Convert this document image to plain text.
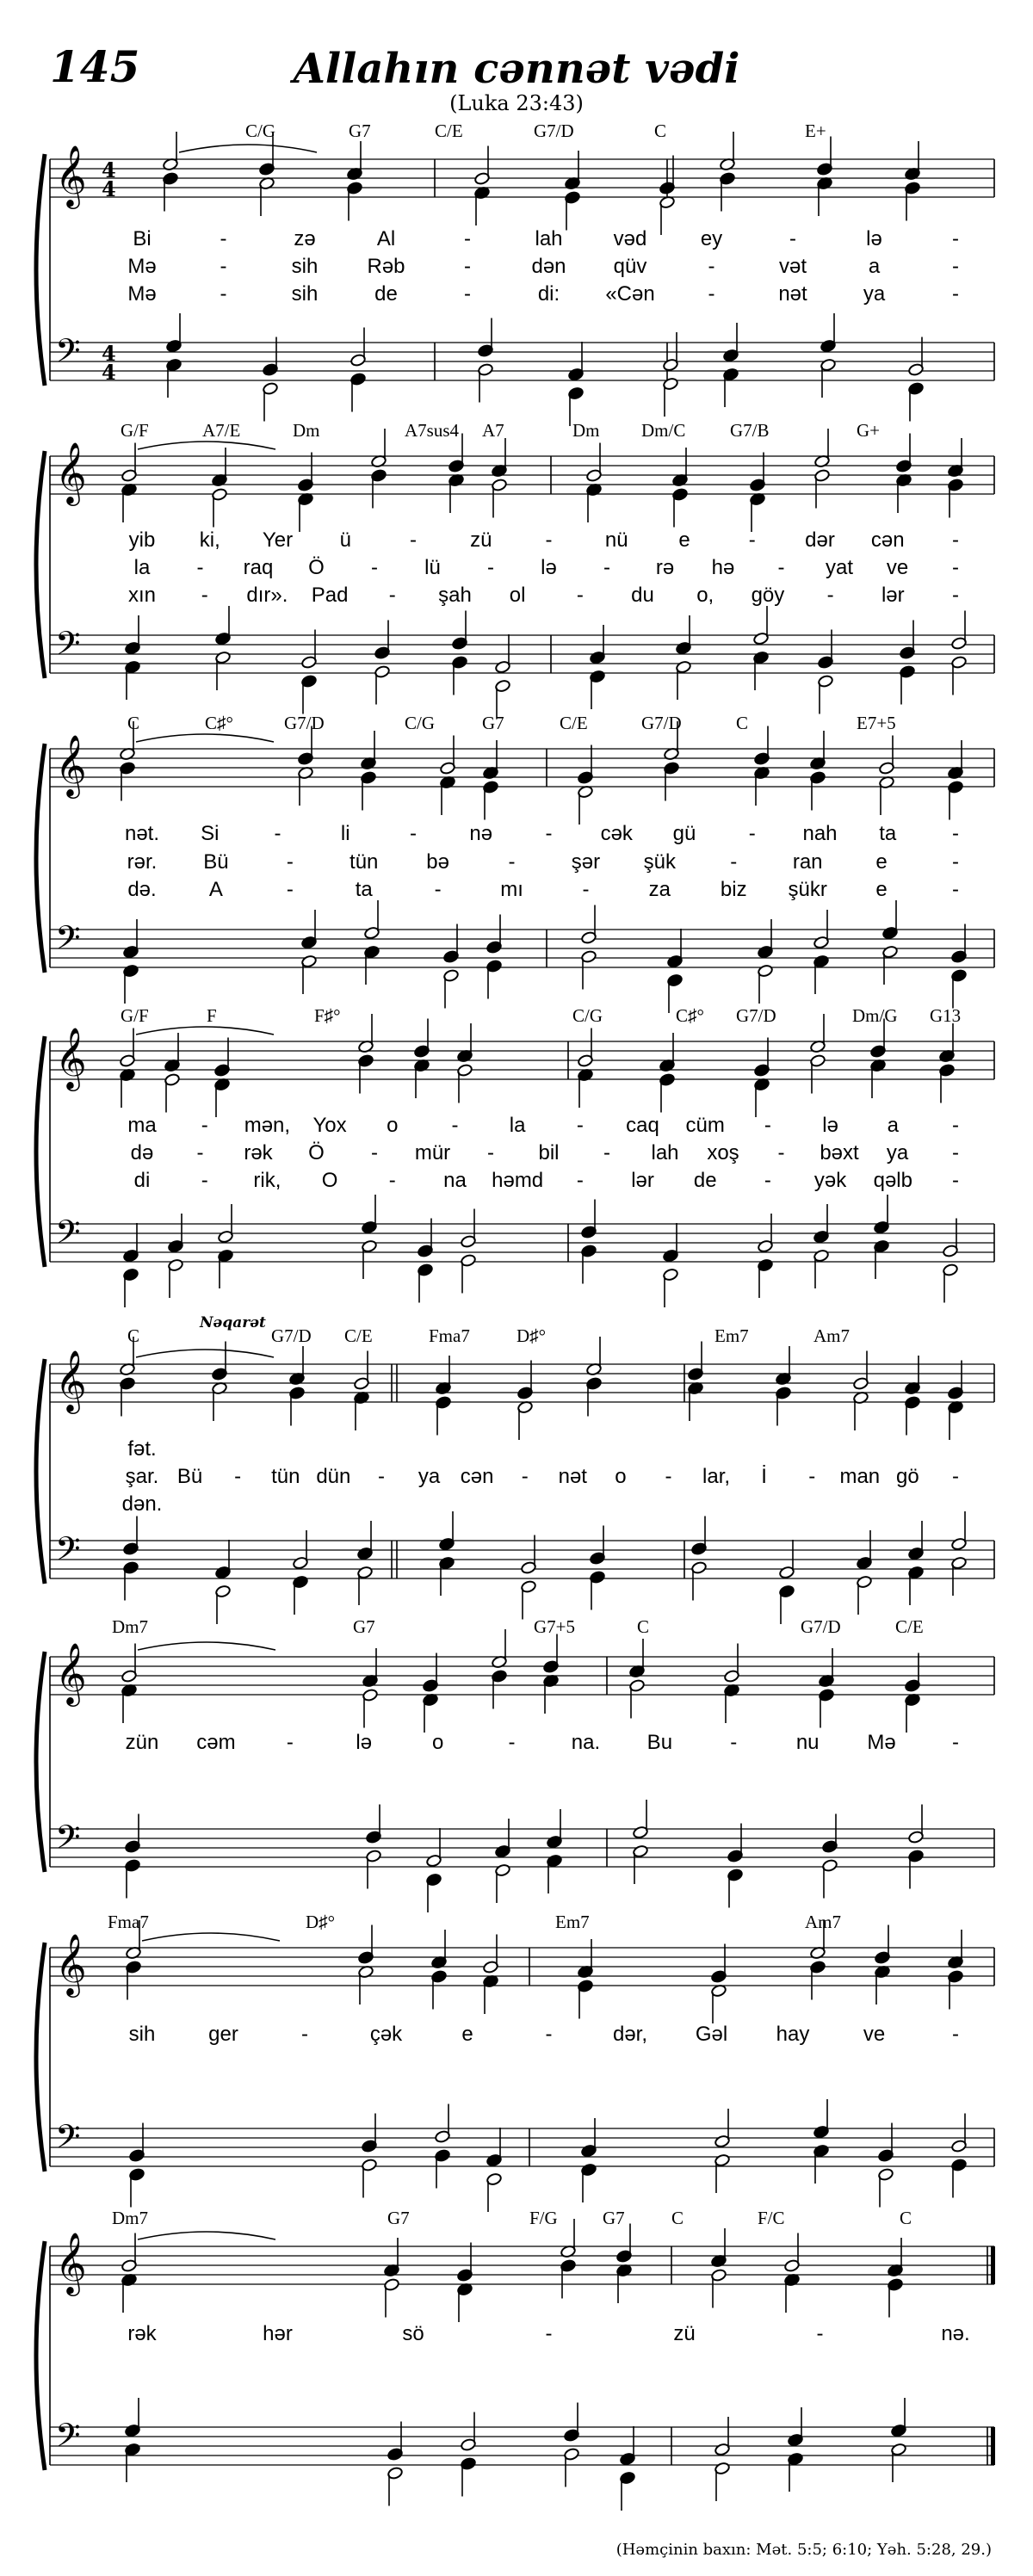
145	Allahın cənnət vədi
(Luka 23:43)
𝄞
𝄢
4
4
4
4
𝄞
𝄢
𝄞
𝄢
𝄞
𝄢
𝄞
𝄢
𝄞
𝄢
𝄞
𝄢
𝄞
𝄢
C/G	G7	C/E	G7/D	C	E+
Bi	-	zə	Al	-	lah vəd	ey	-	lə	-
Mə	-	sih Rəb	-	dən qüv	-	vət	a	-
Mə	-	sih	de	-	di: «Cən	-	nət	ya	-
G/F	A7/E	Dm	A7sus4 A7	Dm Dm/C G7/B	G+
yib ki, Yer ü	-	zü	-	nü e	- dər cən -
la - raq Ö - lü - lə - rə hə - yat ve -
xın - dır». Pad - şah ol - du o, göy - lər -
C	C♯°	G7/D	C/G	G7	C/E	G7/D	C	E7+5
nət. Si	-	li	-	nə	- cək gü	- nah ta	-
rər. Bü	-	tün bə	-	şər şük	-	ran	e	-
də.	A	-	ta	-	mı	-	za biz şükr e	-
G/F	F	F♯°	C/G	C♯° G7/D	Dm/G G13
ma - mən, Yox o	- la - caq cüm - lə a	-
də - rək Ö - mür - bil - lah xoş - bəxt ya -
di - rik, O - na həmd - lər de - yək qəlb -
C	G7/D C/E	Fma7	D♯°	Em7	Am7
fət.
şar. Bü - tün dün - ya cən - nət o - lar, İ - man gö -
dən.
Dm7	G7	G7+5	C	G7/D	C/E
zün cəm -	lə	o	-	na. Bu	-	nu Mə	-
Fma7	D♯°	Em7	Am7
sih	ger	-	çək	e	-	dər, Gəl hay	ve	-
Dm7	G7	F/G G7	C	F/C	C
rək	hər	sö	-	zü	-	nə.
Nəqarət
(Həmçinin baxın: Mət. 5:5; 6:10; Yəh. 5:28, 29.)
